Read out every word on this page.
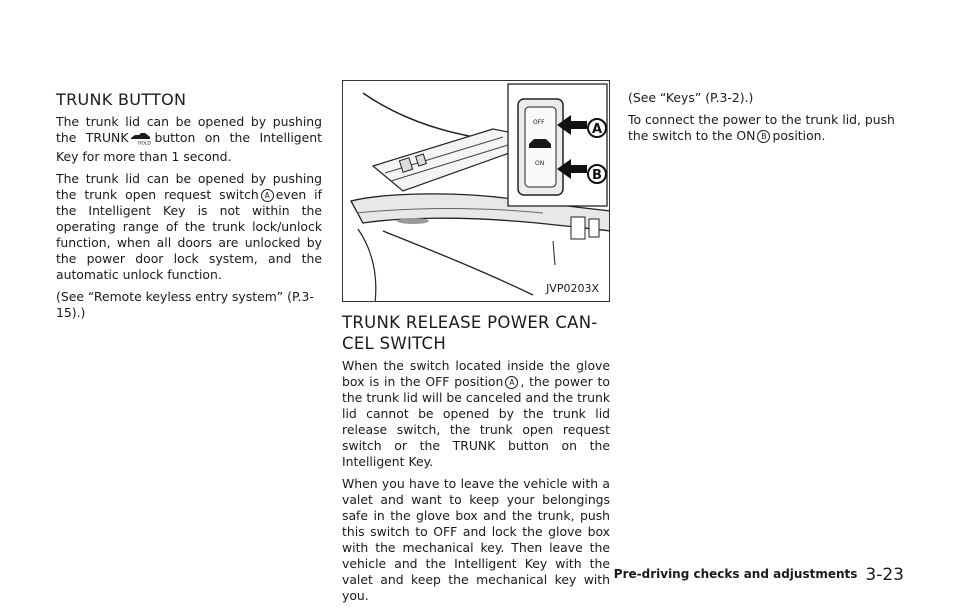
TRUNK BUTTON

The trunk lid can be opened by pushing the TRUNK HOLD button on the Intelligent Key for more than 1 second.

The trunk lid can be opened by pushing the trunk open request switch A even if the Intelligent Key is not within the operating range of the trunk lock/unlock function, when all doors are unlocked by the power door lock system, and the automatic unlock function.

(See “Remote keyless entry system” (P.3-15).)

OFF
ON
A
B
JVP0203X
TRUNK RELEASE POWER CAN-CEL SWITCH

When the switch located inside the glove box is in the OFF position A , the power to the trunk lid will be canceled and the trunk lid cannot be opened by the trunk lid release switch, the trunk open request switch or the TRUNK button on the Intelligent Key.

When you have to leave the vehicle with a valet and want to keep your belongings safe in the glove box and the trunk, push this switch to OFF and lock the glove box with the mechanical key. Then leave the vehicle and the Intelligent Key with the valet and keep the mechanical key with you.

(See “Keys” (P.3-2).)

To connect the power to the trunk lid, push the switch to the ON B position.

Pre-driving checks and adjustments 3-23
